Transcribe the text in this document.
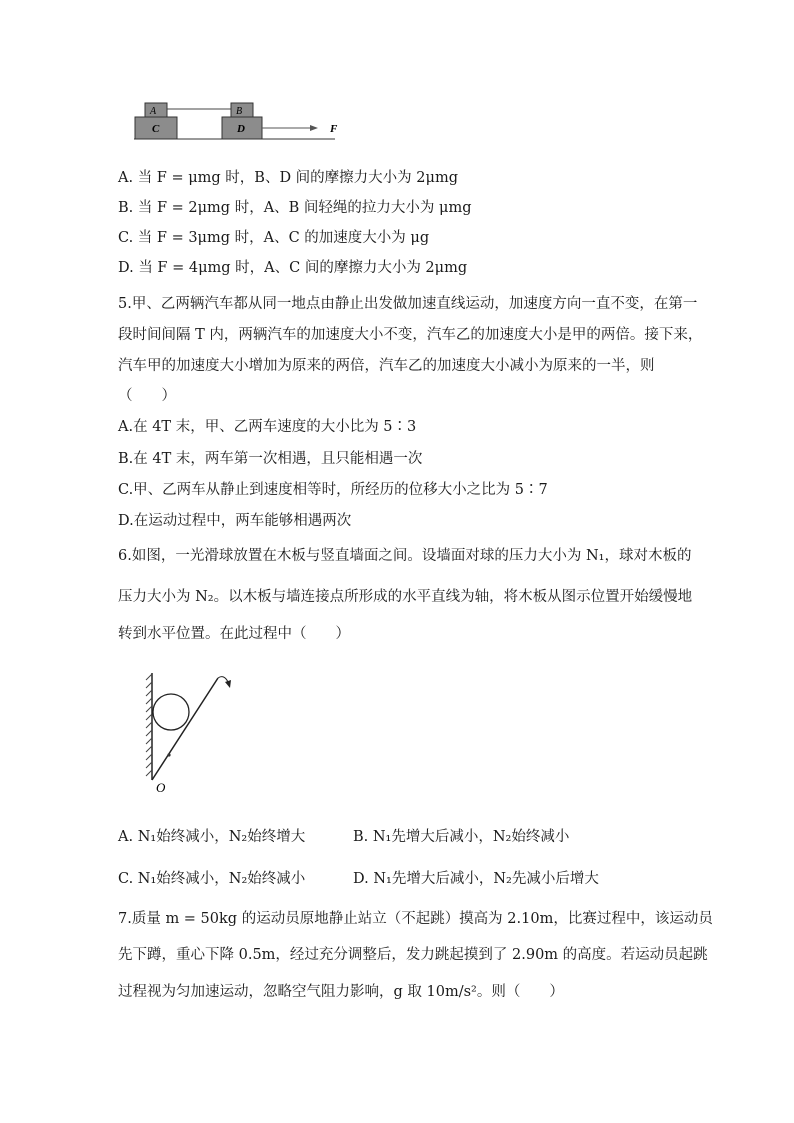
A
C
B
D	F
A. 当 F = μmg 时，B、D 间的摩擦力大小为 2μmg
B. 当 F = 2μmg 时，A、B 间轻绳的拉力大小为 μmg
C. 当 F = 3μmg 时，A、C 的加速度大小为 μg
D. 当 F = 4μmg 时，A、C 间的摩擦力大小为 2μmg
5.甲、乙两辆汽车都从同一地点由静止出发做加速直线运动，加速度方向一直不变，在第一
段时间间隔 T 内，两辆汽车的加速度大小不变，汽车乙的加速度大小是甲的两倍。接下来，
汽车甲的加速度大小增加为原来的两倍，汽车乙的加速度大小减小为原来的一半，则
（　　）
A.在 4T 末，甲、乙两车速度的大小比为 5∶3
B.在 4T 末，两车第一次相遇，且只能相遇一次
C.甲、乙两车从静止到速度相等时，所经历的位移大小之比为 5∶7
D.在运动过程中，两车能够相遇两次
6.如图，一光滑球放置在木板与竖直墙面之间。设墙面对球的压力大小为 N₁，球对木板的
压力大小为 N₂。以木板与墙连接点所形成的水平直线为轴，将木板从图示位置开始缓慢地
转到水平位置。在此过程中（　　）
O
A. N₁始终减小，N₂始终增大	B. N₁先增大后减小，N₂始终减小
C. N₁始终减小，N₂始终减小	D. N₁先增大后减小，N₂先减小后增大
7.质量 m = 50kg 的运动员原地静止站立（不起跳）摸高为 2.10m，比赛过程中，该运动员
先下蹲，重心下降 0.5m，经过充分调整后，发力跳起摸到了 2.90m 的高度。若运动员起跳
过程视为匀加速运动，忽略空气阻力影响，g 取 10m/s²。则（　　）
